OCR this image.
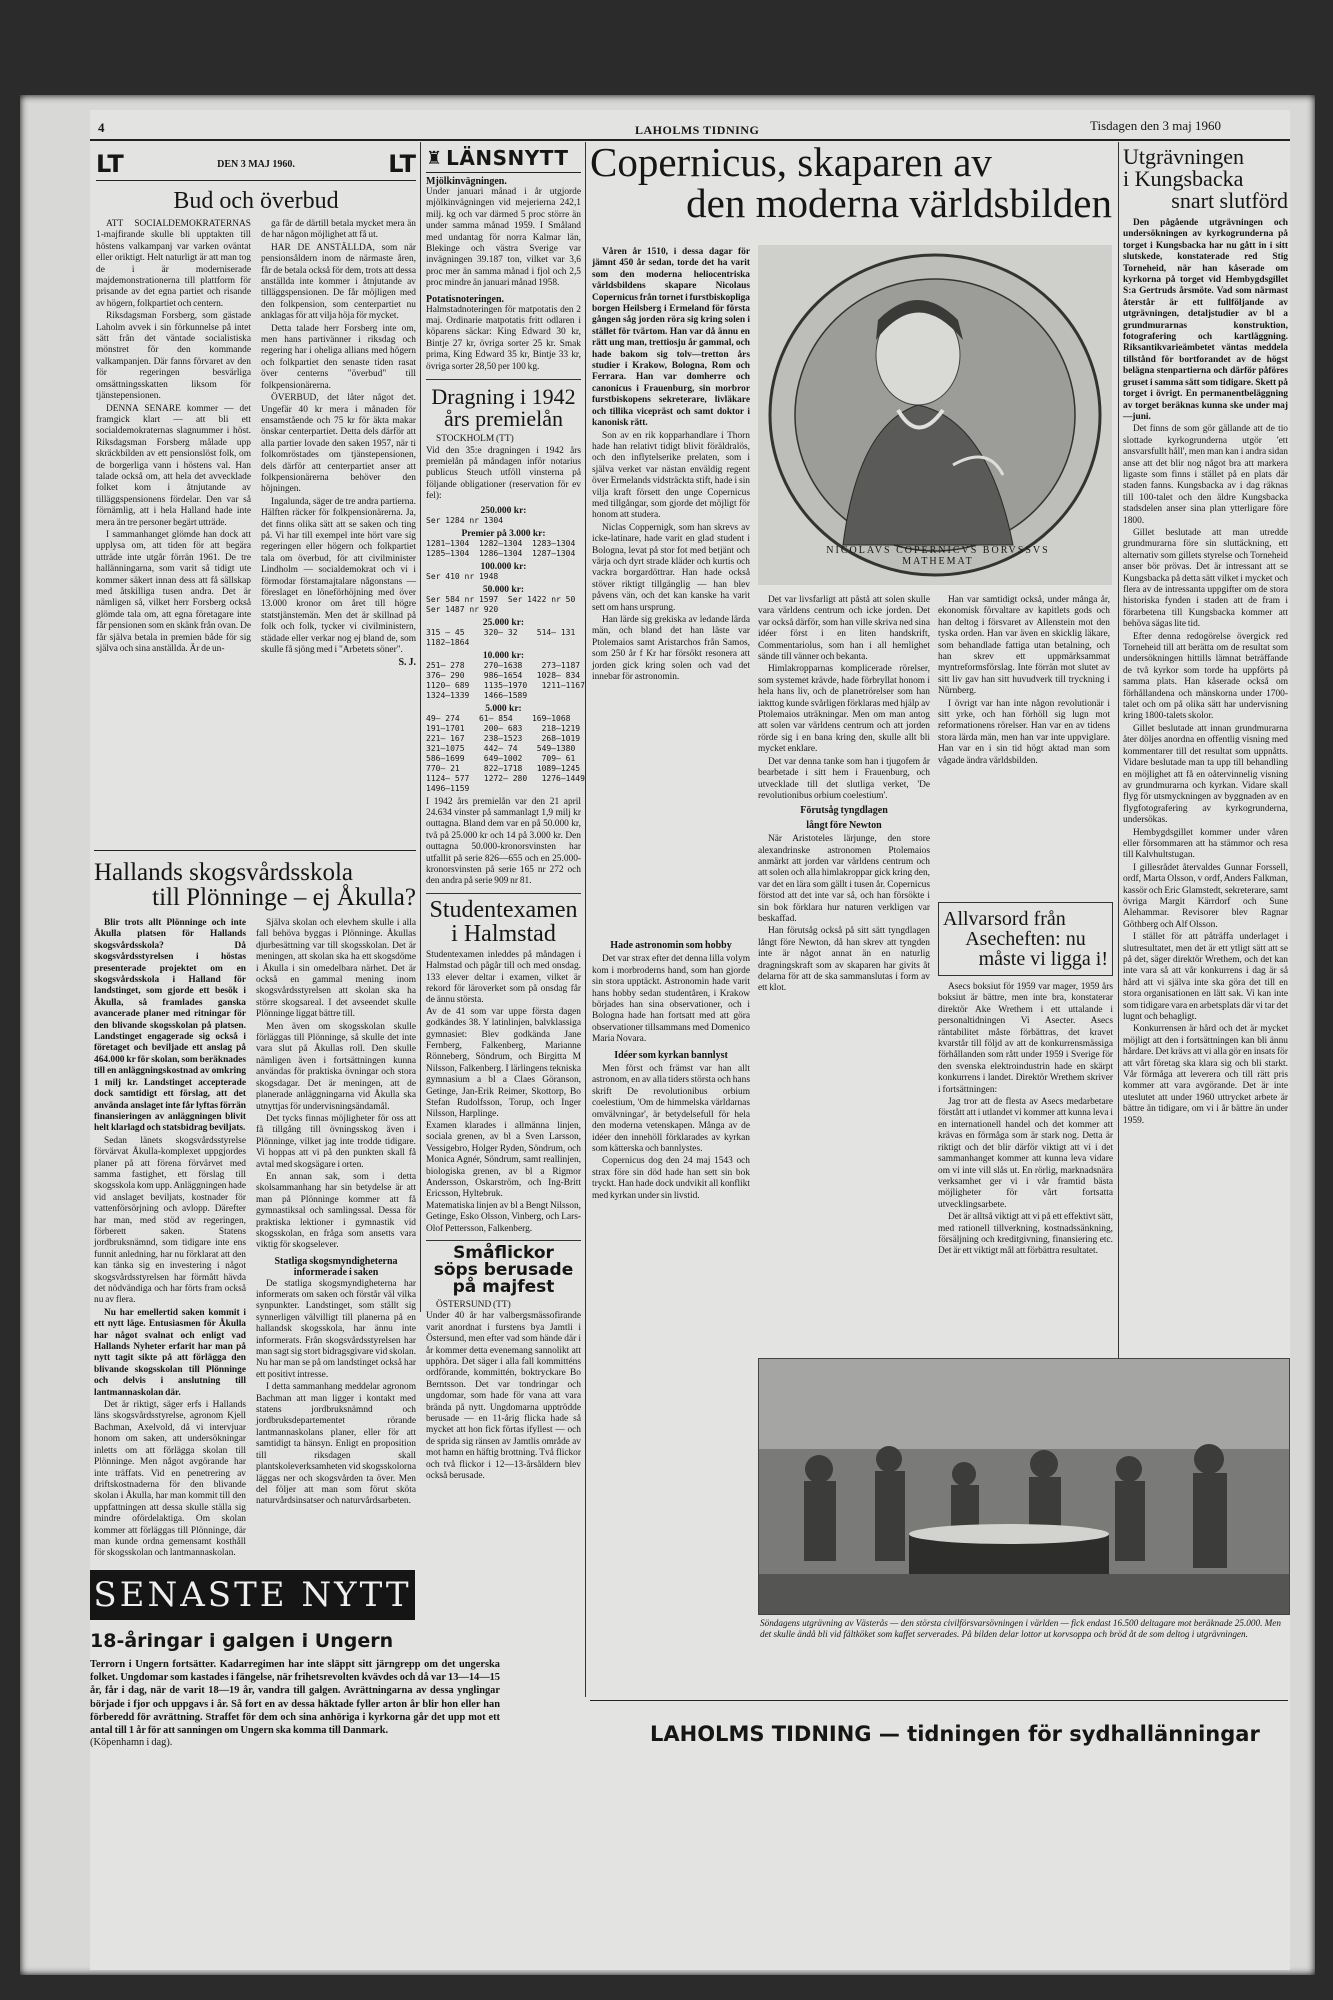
4	LAHOLMS TIDNING	Tisdagen den 3 maj 1960
LT	DEN 3 MAJ 1960.	LT
Bud och överbud

ATT SOCIALDEMOKRATERNAS 1-majfirande skulle bli upptakten till höstens valkampanj var varken oväntat eller oriktigt. Helt naturligt är att man tog de i är moderniserade majdemonstrationerna till plattform för prisande av det egna partiet och risande av högern, folkpartiet och centern.

Riksdagsman Forsberg, som gästade Laholm avvek i sin förkunnelse på intet sätt från det väntade socialistiska mönstret för den kommande valkampanjen. Där fanns förvaret av den för regeringen besvärliga omsättningsskatten liksom för tjänstepensionen.

DENNA SENARE kommer — det framgick klart — att bli ett socialdemokraternas slagnummer i höst. Riksdagsman Forsberg målade upp skräckbilden av ett pensionslöst folk, om de borgerliga vann i höstens val. Han talade också om, att hela det avvecklade folket kom i åtnjutande av tilläggspensionens fördelar. Den var så förnämlig, att i hela Halland hade inte mera än tre personer begärt utträde.

I sammanhanget glömde han dock att upplysa om, att tiden för att begära utträde inte utgår förrän 1961. De tre hallänningarna, som varit så tidigt ute kommer säkert innan dess att få sällskap med åtskilliga tusen andra. Det är nämligen så, vilket herr Forsberg också glömde tala om, att egna företagare inte får pensionen som en skänk från ovan. De får själva betala in premien både för sig själva och sina anställda. Är de un-

ga får de därtill betala mycket mera än de har någon möjlighet att få ut.

HAR DE ANSTÄLLDA, som när pensionsåldern inom de närmaste åren, får de betala också för dem, trots att dessa anställda inte kommer i åtnjutande av tilläggspensionen. De får möjligen med den folkpension, som centerpartiet nu anklagas för att vilja höja för mycket.

Detta talade herr Forsberg inte om, men hans partivänner i riksdag och regering har i oheliga allians med högern och folkpartiet den senaste tiden rasat över centerns "överbud" till folkpensionärerna.

ÖVERBUD, det låter något det. Ungefär 40 kr mera i månaden för ensamstående och 75 kr för äkta makar önskar centerpartiet. Detta dels därför att alla partier lovade den saken 1957, när ti folkomröstades om tjänstepensionen, dels därför att centerpartiet anser att folkpensionärerna behöver den höjningen.

Ingalunda, säger de tre andra partierna. Hälften räcker för folkpensionärerna. Ja, det finns olika sätt att se saken och ting på. Vi har till exempel inte hört vare sig regeringen eller högern och folkpartiet tala om överbud, för att civilminister Lindholm — socialdemokrat och vi i förmodar förstamajtalare någonstans — föreslaget en löneförhöjning med över 13.000 kronor om året till högre statstjänstemän. Men det är skillnad på folk och folk, tycker vi civilministern, städade eller verkar nog ej bland de, som skulle få sjöng med i "Arbetets söner".

S. J.
Hallands skogsvårdsskola
till Plönninge – ej Åkulla?

Blir trots allt Plönninge och inte Åkulla platsen för Hallands skogsvårdsskola? Då skogsvårdsstyrelsen i höstas presenterade projektet om en skogsvårdsskola i Halland för landstinget, som gjorde ett besök i Åkulla, så framlades ganska avancerade planer med ritningar för den blivande skogsskolan på platsen. Landstinget engagerade sig också i företaget och beviljade ett anslag på 464.000 kr för skolan, som beräknades till en anläggningskostnad av omkring 1 milj kr. Landstinget accepterade dock samtidigt ett förslag, att det använda anslaget inte får lyftas förrän finansieringen av anläggningen blivit helt klarlagd och statsbidrag beviljats.

Sedan länets skogsvårdsstyrelse förvärvat Åkulla-komplexet uppgjordes planer på att förena förvärvet med samma fastighet, ett förslag till skogsskola kom upp. Anläggningen hade vid anslaget beviljats, kostnader för vattenförsörjning och avlopp. Därefter har man, med stöd av regeringen, förberett saken. Statens jordbruksnämnd, som tidigare inte ens funnit anledning, har nu förklarat att den kan tänka sig en investering i något skogsvårdsstyrelsen har förmått hävda det nödvändiga och har förts fram också nu av flera.

Nu har emellertid saken kommit i ett nytt läge. Entusiasmen för Åkulla har något svalnat och enligt vad Hallands Nyheter erfarit har man på nytt tagit sikte på att förlägga den blivande skogsskolan till Plönninge och delvis i anslutning till lantmannaskolan där.

Det är riktigt, säger erfs i Hallands läns skogsvårdsstyrelse, agronom Kjell Bachman, Axelvold, då vi intervjuar honom om saken, att undersökningar inletts om att förlägga skolan till Plönninge. Men något avgörande har inte träffats. Vid en penetrering av driftskostnaderna för den blivande skolan i Åkulla, har man kommit till den uppfattningen att dessa skulle ställa sig mindre ofördelaktiga. Om skolan kommer att förläggas till Plönninge, där man kunde ordna gemensamt kosthåll för skogsskolan och lantmannaskolan.

Själva skolan och elevhem skulle i alla fall behöva byggas i Plönninge. Åkullas djurbesättning var till skogsskolan. Det är meningen, att skolan ska ha ett skogsdöme i Åkulla i sin omedelbara närhet. Det är också en gammal mening inom skogsvårdsstyrelsen att skolan ska ha större skogsareal. I det avseendet skulle Plönninge liggat bättre till.

Men även om skogsskolan skulle förläggas till Plönninge, så skulle det inte vara slut på Åkullas roll. Den skulle nämligen även i fortsättningen kunna användas för praktiska övningar och stora skogsdagar. Det är meningen, att de planerade anläggningarna vid Åkulla ska utnyttjas för undervisningsändamål.

Det tycks finnas möjligheter för oss att få tillgång till övningsskog även i Plönninge, vilket jag inte trodde tidigare. Vi hoppas att vi på den punkten skall få avtal med skogsägare i orten.

En annan sak, som i detta skolsammanhang har sin betydelse är att man på Plönninge kommer att få gymnastiksal och samlingssal. Dessa för praktiska lektioner i gymnastik vid skogsskolan, en fråga som ansetts vara viktig för skogselever.

Statliga skogsmyndigheterna
informerade i saken

De statliga skogsmyndigheterna har informerats om saken och förstår väl vilka synpunkter. Landstinget, som ställt sig synnerligen välvilligt till planerna på en hallandsk skogsskola, har ännu inte informerats. Från skogsvårdsstyrelsen har man sagt sig stort bidragsgivare vid skolan. Nu har man se på om landstinget också har ett positivt intresse.

I detta sammanhang meddelar agronom Bachman att man ligger i kontakt med statens jordbruksnämnd och jordbruksdepartementet rörande lantmannaskolans planer, eller för att samtidigt ta hänsyn. Enligt en proposition till riksdagen skall plantskoleverksamheten vid skogsskolorna läggas ner och skogsvården ta över. Men del följer att man som förut sköta naturvårdsinsatser och naturvårdsarbeten.

SENASTE NYTT
18-åringar i galgen i Ungern
Terrorn i Ungern fortsätter. Kadarregimen har inte släppt sitt järngrepp om det ungerska folket. Ungdomar som kastades i fängelse, när frihetsrevolten kvävdes och då var 13—14—15 år, får i dag, när de varit 18—19 år, vandra till galgen. Avrättningarna av dessa ynglingar började i fjor och uppgavs i år. Så fort en av dessa häktade fyller arton år blir hon eller han förberedd för avrättning. Straffet för dem och sina anhöriga i kyrkorna går det upp mot ett antal till 1 år för att sanningen om Ungern ska komma till Danmark.
(Köpenhamn i dag).
♜ LÄNSNYTT
Mjölkinvägningen.
Under januari månad i år utgjorde mjölkinvägningen vid mejerierna 242,1 milj. kg och var därmed 5 proc större än under samma månad 1959. I Småland med undantag för norra Kalmar län, Blekinge och västra Sverige var invägningen 39.187 ton, vilket var 3,6 proc mer än samma månad i fjol och 2,5 proc mindre än januari månad 1958.
Potatisnoteringen.
Halmstadnoteringen för matpotatis den 2 maj. Ordinarie matpotatis fritt odlaren i köparens säckar: King Edward 30 kr, Bintje 27 kr, övriga sorter 25 kr. Smak prima, King Edward 35 kr, Bintje 33 kr, övriga sorter 28,50 per 100 kg.
Dragning i 1942
års premielån
STOCKHOLM (TT)
Vid den 35:e dragningen i 1942 års premielån på måndagen inför notarius publicus Steuch utföll vinsterna på följande obligationer (reservation för ev fel):
250.000 kr:
Ser 1284 nr 1304
Premier på 3.000 kr:
1281—1304  1282—1304  1283—1304
1285—1304  1286—1304  1287—1304
100.000 kr:
Ser 410 nr 1948
50.000 kr:
Ser 584 nr 1597  Ser 1422 nr 50
Ser 1487 nr 920
25.000 kr:
315 — 45    320— 32    514— 131
1182—1864
10.000 kr:
251— 278    270—1638    273—1187
376— 290    986—1654   1028— 834
1120— 689   1135—1970   1211—1167
1324—1339   1466—1589
5.000 kr:
49— 274    61— 854    169—1068
191—1701    200— 683    218—1219
221— 167    238—1523    268—1019
321—1075    442— 74    549—1380
586—1699    649—1002    709— 61
770— 21     822—1718   1089—1245
1124— 577   1272— 280   1276—1449
1496—1159
I 1942 års premielån var den 21 april 24.634 vinster på sammanlagt 1,9 milj kr outtagna. Bland dem var en på 50.000 kr, två på 25.000 kr och 14 på 3.000 kr. Den outtagna 50.000-kronorsvinsten har utfallit på serie 826—655 och en 25.000-kronorsvinsten på serie 165 nr 272 och den andra på serie 909 nr 81.
Studentexamen
i Halmstad
Studentexamen inleddes på måndagen i Halmstad och pågår till och med onsdag. 133 elever deltar i examen, vilket är rekord för läroverket som på onsdag får de ännu största.
Av de 41 som var uppe första dagen godkändes 38. Y latinlinjen, balvklassiga gymnasiet: Blev godkända Jane Fernberg, Falkenberg, Marianne Rönneberg, Söndrum, och Birgitta M Nilsson, Falkenberg. I lärlingens tekniska gymnasium a bl a Claes Göranson, Getinge, Jan-Erik Reimer, Skottorp, Bo Stefan Rudolfsson, Torup, och Inger Nilsson, Harplinge.
Examen klarades i allmänna linjen, sociala grenen, av bl a Sven Larsson, Vessigebro, Holger Ryden, Söndrum, och Monica Agnér, Söndrum, samt reallinjen, biologiska grenen, av bl a Rigmor Andersson, Oskarström, och Ing-Britt Ericsson, Hyltebruk.
Matematiska linjen av bl a Bengt Nilsson, Getinge, Esko Olsson, Vinberg, och Lars-Olof Pettersson, Falkenberg.
Småflickor
söps berusade
på majfest
ÖSTERSUND (TT)
Under 40 år har valbergsmässofirande varit anordnat i furstens bya Jamtli i Östersund, men efter vad som hände där i år kommer detta evenemang sannolikt att upphöra. Det säger i alla fall kommitténs ordförande, kommittén, boktryckare Bo Berntsson. Det var tondringar och ungdomar, som hade för vana att vara brända på nytt. Ungdomarna upptrödde berusade — en 11-årig flicka hade så mycket att hon fick förtas ifyllest — och de sprida sig ränsen av Jamtlis område av mot hamn en häftig brottning. Två flickor och två flickor i 12—13-årsåldern blev också berusade.
Copernicus, skaparen av
den moderna världsbilden

Våren år 1510, i dessa dagar för jämnt 450 år sedan, torde det ha varit som den moderna heliocentriska världsbildens skapare Nicolaus Copernicus från tornet i furstbiskopliga borgen Heilsberg i Ermeland för första gången såg jorden röra sig kring solen i stället för tvärtom. Han var då ännu en rätt ung man, trettiosju år gammal, och hade bakom sig tolv—tretton års studier i Krakow, Bologna, Rom och Ferrara. Han var domherre och canonicus i Frauenburg, sin morbror furstbiskopens sekreterare, livläkare och tillika vicepräst och samt doktor i kanonisk rätt.

Son av en rik kopparhandlare i Thorn hade han relativt tidigt blivit föräldralös, och den inflytelserike prelaten, som i själva verket var nästan enväldig regent över Ermelands vidsträckta stift, hade i sin vilja kraft försett den unge Copernicus med tillgångar, som gjorde det möjligt för honom att studera.

Niclas Coppernigk, som han skrevs av icke-latinare, hade varit en glad student i Bologna, levat på stor fot med betjänt och värja och dyrt strade kläder och kurtis och vackra borgardöttrar. Han hade också stöver riktigt tillgänglig — han blev påvens vän, och det kan kanske ha varit sett om hans ursprung.

Han lärde sig grekiska av ledande lärda män, och bland det han läste var Ptolemaios samt Aristarchos från Samos, som 250 år f Kr har försökt resonera att jorden gick kring solen och vad det innebar för astronomin.

NICOLAVS COPERNICVS BORVSSVS MATHEMAT

Det var livsfarligt att påstå att solen skulle vara världens centrum och icke jorden. Det var också därför, som han ville skriva ned sina idéer först i en liten handskrift, Commentariolus, som han i all hemlighet sände till vänner och bekanta.

Himlakropparnas komplicerade rörelser, som systemet krävde, hade förbryllat honom i hela hans liv, och de planetrörelser som han iakttog kunde svårligen förklaras med hjälp av Ptolemaios uträkningar. Men om man antog att solen var världens centrum och att jorden rörde sig i en bana kring den, skulle allt bli mycket enklare.

Det var denna tanke som han i tjugofem år bearbetade i sitt hem i Frauenburg, och utvecklade till det slutliga verket, 'De revolutionibus orbium coelestium'.

Förutsåg tyngdlagen
långt före Newton

När Aristoteles lärjunge, den store alexandrinske astronomen Ptolemaios anmärkt att jorden var världens centrum och att solen och alla himlakroppar gick kring den, var det en lära som gällt i tusen år. Copernicus förstod att det inte var så, och han försökte i sin bok förklara hur naturen verkligen var beskaffad.

Han förutsåg också på sitt sätt tyngdlagen långt före Newton, då han skrev att tyngden inte är något annat än en naturlig dragningskraft som av skaparen har givits åt delarna för att de ska sammanslutas i form av ett klot.

Han var samtidigt också, under många år, ekonomisk förvaltare av kapitlets gods och han deltog i försvaret av Allenstein mot den tyska orden. Han var även en skicklig läkare, som behandlade fattiga utan betalning, och han skrev ett uppmärksammat myntreformsförslag. Inte förrän mot slutet av sitt liv gav han sitt huvudverk till tryckning i Nürnberg.

I övrigt var han inte någon revolutionär i sitt yrke, och han förhöll sig lugn mot reformationens rörelser. Han var en av tidens stora lärda män, men han var inte uppviglare. Han var en i sin tid högt aktad man som vågade ändra världsbilden.

Hade astronomin som hobby

Det var strax efter det denna lilla volym kom i morbroderns hand, som han gjorde sin stora upptäckt. Astronomin hade varit hans hobby sedan studentåren, i Krakow börjades han sina observationer, och i Bologna hade han fortsatt med att göra observationer tillsammans med Domenico Maria Novara.

Idéer som kyrkan bannlyst

Men först och främst var han allt astronom, en av alla tiders största och hans skrift De revolutionibus orbium coelestium, 'Om de himmelska världarnas omvälvningar', är betydelsefull för hela den moderna vetenskapen. Många av de idéer den innehöll förklarades av kyrkan som kätterska och bannlystes.

Copernicus dog den 24 maj 1543 och strax före sin död hade han sett sin bok tryckt. Han hade dock undvikit all konflikt med kyrkan under sin livstid.

Allvarsord från
Asecheften: nu
måste vi ligga i!

Asecs boksiut för 1959 var mager, 1959 års boksiut är bättre, men inte bra, konstaterar direktör Ake Wrethem i ett uttalande i personaltidningen Vi Asecter. Asecs räntabilitet måste förbättras, det kravet kvarstår till följd av att de konkurrensmässiga förhållanden som rått under 1959 i Sverige för den svenska elektroindustrin hade en skärpt konkurrens i landet. Direktör Wrethem skriver i fortsättningen:

Jag tror att de flesta av Asecs medarbetare förstått att i utlandet vi kommer att kunna leva i en internationell handel och det kommer att krävas en förmåga som är stark nog. Detta är riktigt och det blir därför viktigt att vi i det sammanhanget kommer att kunna leva vidare om vi inte vill slås ut. En rörlig, marknadsnära verksamhet ger vi i vår framtid bästa möjligheter för vårt fortsatta utvecklingsarbete.

Det är alltså viktigt att vi på ett effektivt sätt, med rationell tillverkning, kostnadssänkning, försäljning och kreditgivning, finansiering etc. Det är ett viktigt mål att förbättra resultatet.

Utgrävningen
i Kungsbacka
snart slutförd

Den pågående utgrävningen och undersökningen av kyrkogrunderna på torget i Kungsbacka har nu gått in i sitt slutskede, konstaterade red Stig Torneheid, när han kåserade om kyrkorna på torget vid Hembygdsgillet S:a Gertruds årsmöte. Vad som närmast återstår är ett fullföljande av utgrävningen, detaljstudier av bl a grundmurarnas konstruktion, fotografering och kartläggning. Riksantikvarieämbetet väntas meddela tillstånd för bortforandet av de högst belägna stenpartierna och därför påföres gruset i samma sätt som tidigare. Skett på torget i övrigt. En permanentbeläggning av torget beräknas kunna ske under maj—juni.

Det finns de som gör gällande att de tio slottade kyrkogrunderna utgör 'ett ansvarsfullt håll', men man kan i andra sidan anse att det blir nog något bra att markera ligaste som finns i stället på en plats där staden fanns. Kungsbacka av i dag räknas till 100-talet och den äldre Kungsbacka stadsdelen anser sina plan ytterligare före 1800.

Gillet beslutade att man utredde grundmurarna före sin sluttäckning, ett alternativ som gillets styrelse och Torneheid anser bör prövas. Det är intressant att se Kungsbacka på detta sätt vilket i mycket och flera av de intressanta uppgifter om de stora historiska fynden i staden att de fram i förarbetena till Kungsbacka kommer att behöva sägas lite tid.

Efter denna redogörelse övergick red Torneheid till att berätta om de resultat som undersökningen hittills lämnat beträffande de två kyrkor som torde ha uppförts på samma plats. Han kåserade också om förhållandena och mänskorna under 1700-talet och om på olika sätt har undervisning kring 1800-talets skolor.

Gillet beslutade att innan grundmurarna åter döljes anordna en offentlig visning med kommentarer till det resultat som uppnåtts. Vidare beslutade man ta upp till behandling en möjlighet att få en oåtervinnelig visning av grundmurarna och kyrkan. Vidare skall flyg för utsmyckningen av byggnaden av en flygfotografering av kyrkogrunderna, undersökas.

Hembygdsgillet kommer under våren eller försommaren att ha stämmor och resa till Kalvhultstugan.

I gillesrådet återvaldes Gunnar Forssell, ordf, Marta Olsson, v ordf, Anders Falkman, kassör och Eric Glamstedt, sekreterare, samt övriga Margit Kärrdorf och Sune Alehammar. Revisorer blev Ragnar Göthberg och Alf Olsson.

I stället för att påträffa underlaget i slutresultatet, men det är ett ytligt sätt att se på det, säger direktör Wrethem, och det kan inte vara så att vår konkurrens i dag är så hård att vi själva inte ska göra det till en stora organisationen en lätt sak. Vi kan inte som tidigare vara en arbetsplats där vi tar det lugnt och behagligt.

Konkurrensen är hård och det är mycket möjligt att den i fortsättningen kan bli ännu hårdare. Det krävs att vi alla gör en insats för att vårt företag ska klara sig och bli starkt. Vår förmåga att leverera och till rätt pris kommer att vara avgörande. Det är inte uteslutet att under 1960 uttrycket arbete är bättre än tidigare, om vi i år bättre än under 1959.

Söndagens utgrävning av Västerås — den största civilförsvarsövningen i världen — fick endast 16.500 deltagare mot beräknade 25.000. Men det skulle ändå bli vid fältköket som kaffet serverades. På bilden delar lottor ut korvsoppa och bröd åt de som deltog i utgrävningen.
LAHOLMS TIDNING — tidningen för sydhallänningar
